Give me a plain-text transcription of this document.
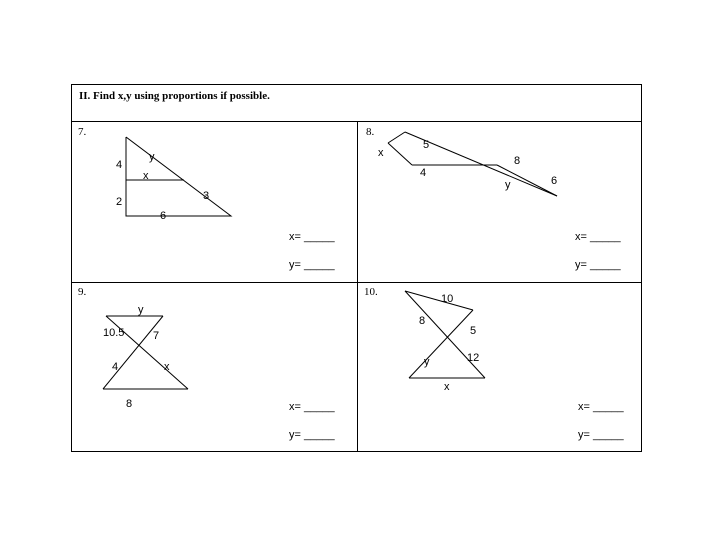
II. Find x,y using proportions if possible.
7.
y
4
x
2	3
6
x= _____
y= _____
8.
x
5
8
4
y	6
x= _____
y= _____
9.
y
10.5	7
4	x
8	x= _____
y= _____
10.
10
8
5
12
y
x
x= _____
y= _____
